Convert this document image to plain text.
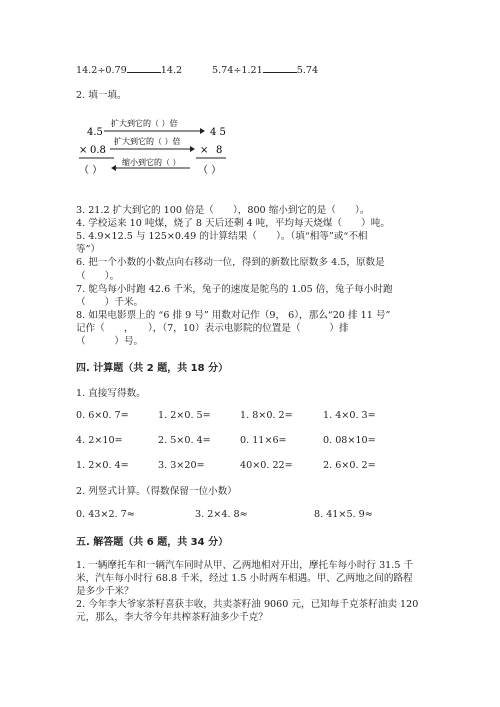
14.2÷0.79	14.2	5.74÷1.21	5.74
2. 填一填。
4.5
扩大到它的（ ）倍
4 5
× 0.8
扩大到它的（ ）倍
× 8
缩小到它的（ ）
（ ）	（ ）
3. 21.2 扩大到它的 100 倍是（　　），800 缩小到它的是（　　）。
4. 学校运来 10 吨煤，烧了 8 天后还剩 4 吨，平均每天烧煤（　　）吨。
5. 4.9×12.5 与 125×0.49 的计算结果（　　）。（填“相等”或“不相
等”）
6. 把一个小数的小数点向右移动一位，得到的新数比原数多 4.5，原数是
（　　）。
7. 鸵鸟每小时跑 42.6 千米，兔子的速度是鸵鸟的 1.05 倍，兔子每小时跑
（　　）千米。
8. 如果电影票上的 “6 排 9 号” 用数对记作（9， 6），那么“20 排 11 号”
记作（　　，　　），（7，10）表示电影院的位置是（　　　）排
（　　　）号。
四. 计算题（共 2 题，共 18 分）
1. 直接写得数。
0. 6×0. 7=	1. 2×0. 5=	1. 8×0. 2=	1. 4×0. 3=
4. 2×10=	2. 5×0. 4=	0. 11×6=	0. 08×10=
1. 2×0. 4=	3. 3×20=	40×0. 22=	2. 6×0. 2=
2. 列竖式计算。（得数保留一位小数）
0. 43×2. 7≈	3. 2×4. 8≈	8. 41×5. 9≈
五. 解答题（共 6 题，共 34 分）
1. 一辆摩托车和一辆汽车同时从甲、乙两地相对开出，摩托车每小时行 31.5 千
米，汽车每小时行 68.8 千米，经过 1.5 小时两车相遇。甲、乙两地之间的路程
是多少千米？
2. 今年李大爷家茶籽喜获丰收，共卖茶籽油 9060 元，已知每千克茶籽油卖 120
元，那么，李大爷今年共榨茶籽油多少千克？
